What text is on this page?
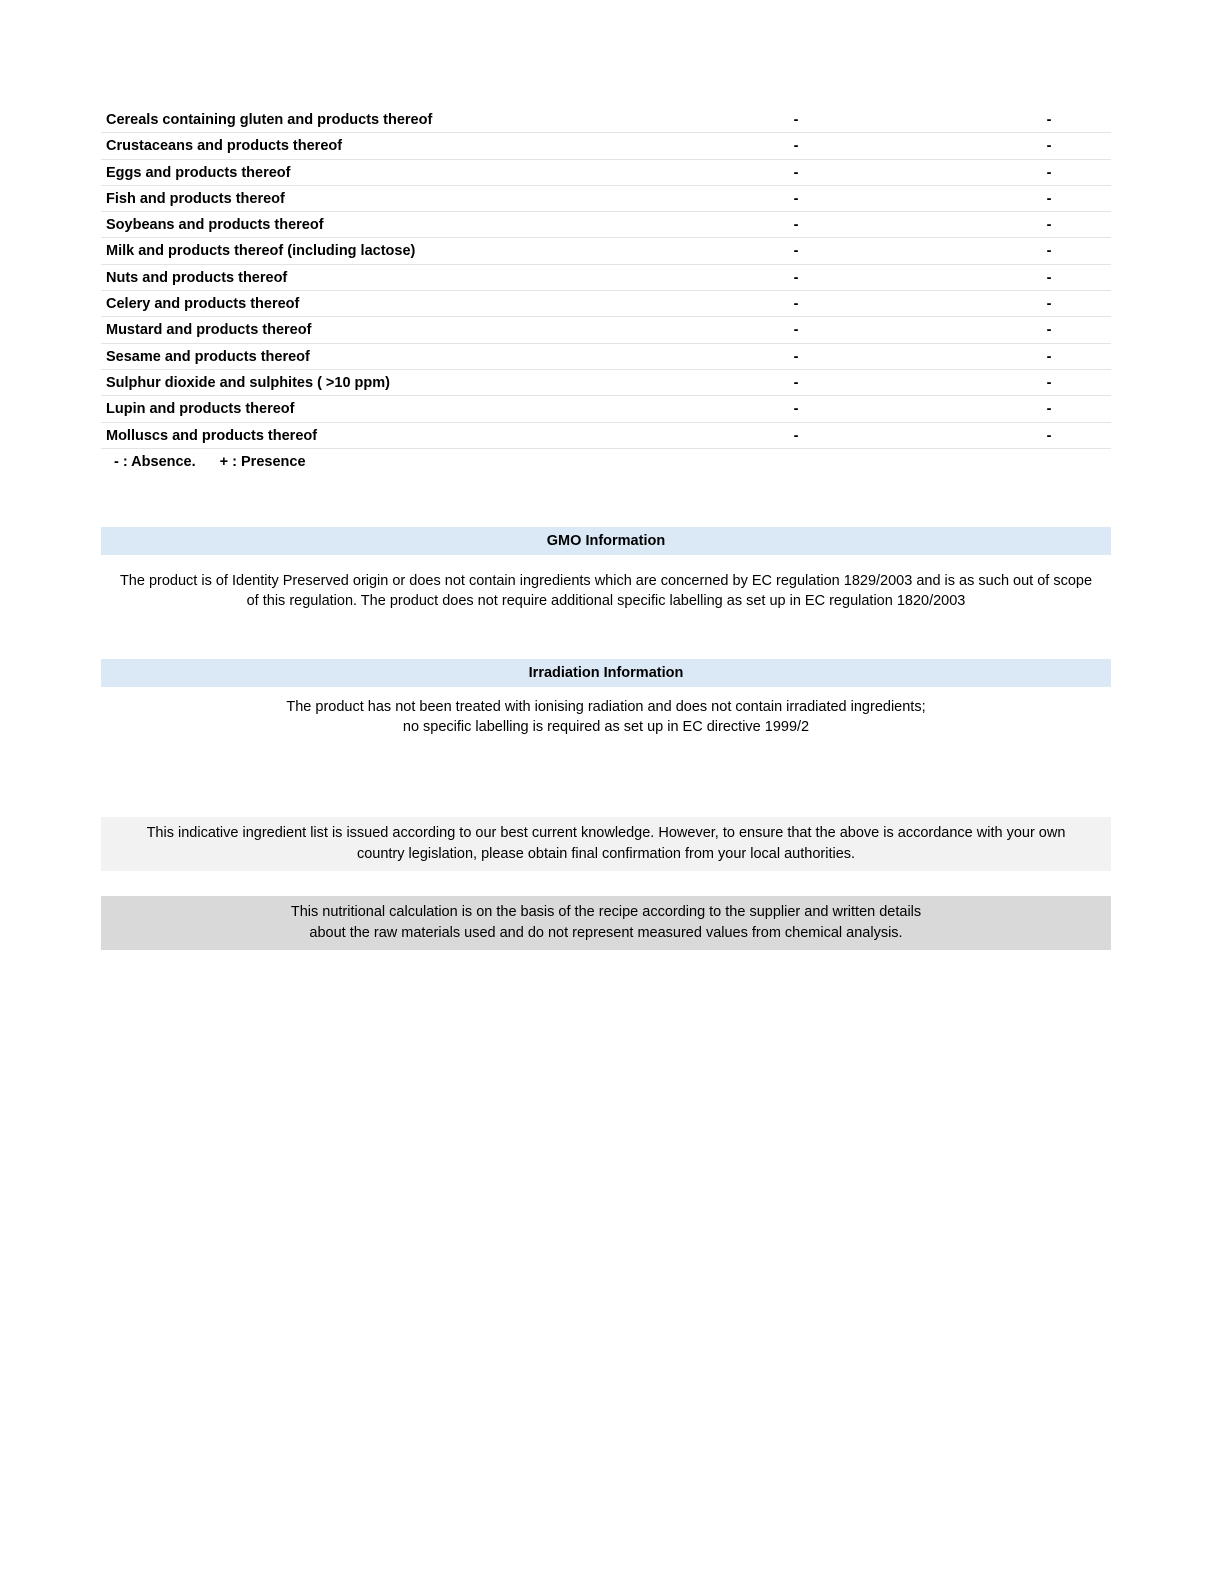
Cereals containing gluten and products thereof	-	-
Crustaceans and products thereof	-	-
Eggs and products thereof	-	-
Fish and products thereof	-	-
Soybeans and products thereof	-	-
Milk and products thereof (including lactose)	-	-
Nuts and products thereof	-	-
Celery and products thereof	-	-
Mustard and products thereof	-	-
Sesame and products thereof	-	-
Sulphur dioxide and sulphites ( >10 ppm)	-	-
Lupin and products thereof	-	-
Molluscs and products thereof	-	-
- : Absence. + : Presence
GMO Information
The product is of Identity Preserved origin or does not contain ingredients which are concerned by EC regulation 1829/2003 and is as such out of scope
of this regulation. The product does not require additional specific labelling as set up in EC regulation 1820/2003
Irradiation Information
The product has not been treated with ionising radiation and does not contain irradiated ingredients;
no specific labelling is required as set up in EC directive 1999/2
This indicative ingredient list is issued according to our best current knowledge. However, to ensure that the above is accordance with your own
country legislation, please obtain final confirmation from your local authorities.
This nutritional calculation is on the basis of the recipe according to the supplier and written details
about the raw materials used and do not represent measured values from chemical analysis.
